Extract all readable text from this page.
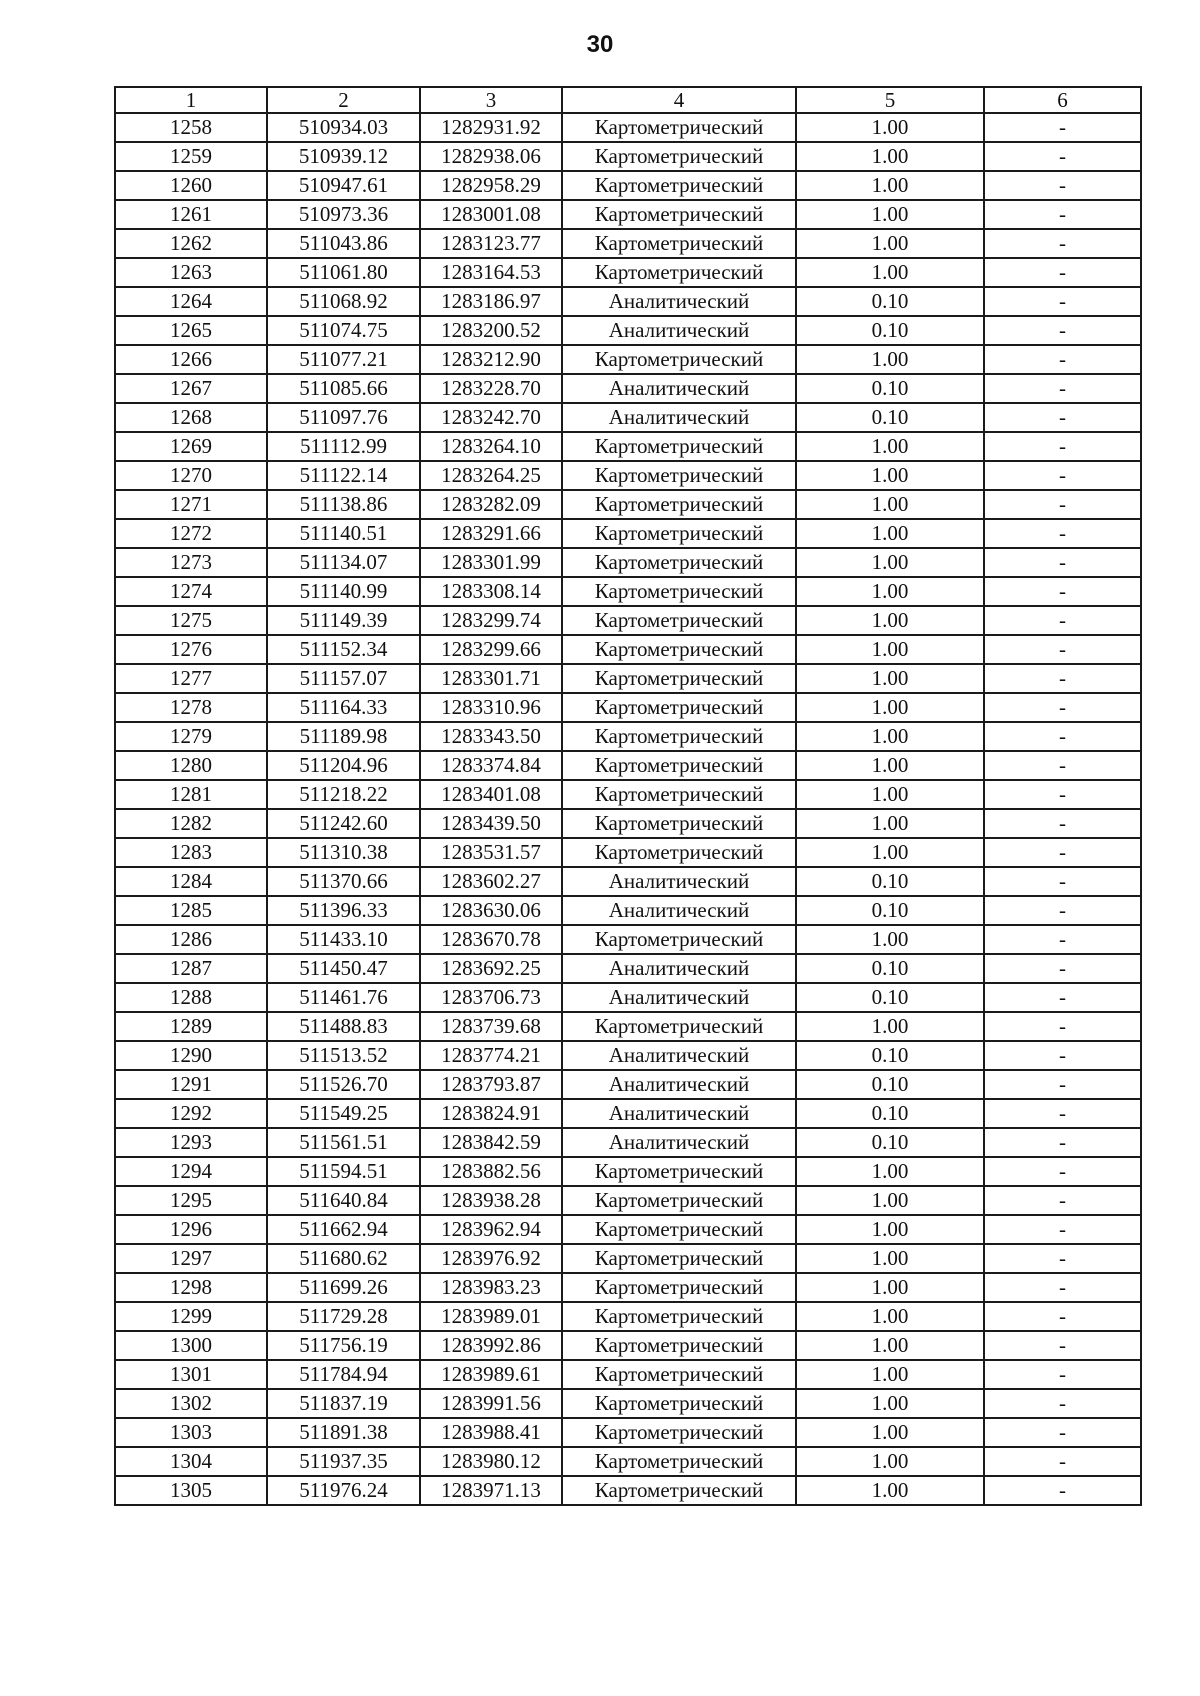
30
1	2	3	4	5	6
1258	510934.03	1282931.92	Картометрический	1.00	-
1259	510939.12	1282938.06	Картометрический	1.00	-
1260	510947.61	1282958.29	Картометрический	1.00	-
1261	510973.36	1283001.08	Картометрический	1.00	-
1262	511043.86	1283123.77	Картометрический	1.00	-
1263	511061.80	1283164.53	Картометрический	1.00	-
1264	511068.92	1283186.97	Аналитический	0.10	-
1265	511074.75	1283200.52	Аналитический	0.10	-
1266	511077.21	1283212.90	Картометрический	1.00	-
1267	511085.66	1283228.70	Аналитический	0.10	-
1268	511097.76	1283242.70	Аналитический	0.10	-
1269	511112.99	1283264.10	Картометрический	1.00	-
1270	511122.14	1283264.25	Картометрический	1.00	-
1271	511138.86	1283282.09	Картометрический	1.00	-
1272	511140.51	1283291.66	Картометрический	1.00	-
1273	511134.07	1283301.99	Картометрический	1.00	-
1274	511140.99	1283308.14	Картометрический	1.00	-
1275	511149.39	1283299.74	Картометрический	1.00	-
1276	511152.34	1283299.66	Картометрический	1.00	-
1277	511157.07	1283301.71	Картометрический	1.00	-
1278	511164.33	1283310.96	Картометрический	1.00	-
1279	511189.98	1283343.50	Картометрический	1.00	-
1280	511204.96	1283374.84	Картометрический	1.00	-
1281	511218.22	1283401.08	Картометрический	1.00	-
1282	511242.60	1283439.50	Картометрический	1.00	-
1283	511310.38	1283531.57	Картометрический	1.00	-
1284	511370.66	1283602.27	Аналитический	0.10	-
1285	511396.33	1283630.06	Аналитический	0.10	-
1286	511433.10	1283670.78	Картометрический	1.00	-
1287	511450.47	1283692.25	Аналитический	0.10	-
1288	511461.76	1283706.73	Аналитический	0.10	-
1289	511488.83	1283739.68	Картометрический	1.00	-
1290	511513.52	1283774.21	Аналитический	0.10	-
1291	511526.70	1283793.87	Аналитический	0.10	-
1292	511549.25	1283824.91	Аналитический	0.10	-
1293	511561.51	1283842.59	Аналитический	0.10	-
1294	511594.51	1283882.56	Картометрический	1.00	-
1295	511640.84	1283938.28	Картометрический	1.00	-
1296	511662.94	1283962.94	Картометрический	1.00	-
1297	511680.62	1283976.92	Картометрический	1.00	-
1298	511699.26	1283983.23	Картометрический	1.00	-
1299	511729.28	1283989.01	Картометрический	1.00	-
1300	511756.19	1283992.86	Картометрический	1.00	-
1301	511784.94	1283989.61	Картометрический	1.00	-
1302	511837.19	1283991.56	Картометрический	1.00	-
1303	511891.38	1283988.41	Картометрический	1.00	-
1304	511937.35	1283980.12	Картометрический	1.00	-
1305	511976.24	1283971.13	Картометрический	1.00	-
